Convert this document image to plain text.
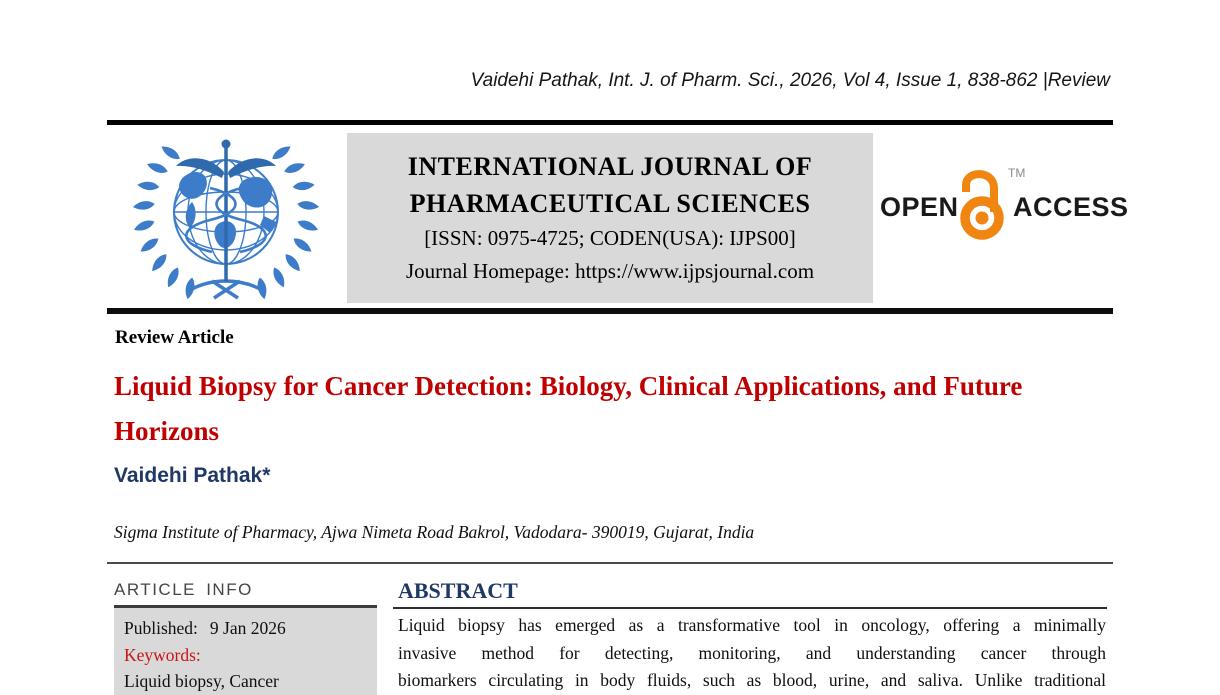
Vaidehi Pathak, Int. J. of Pharm. Sci., 2026, Vol 4, Issue 1, 838-862 |Review
INTERNATIONAL JOURNAL OF
PHARMACEUTICAL SCIENCES
[ISSN: 0975-4725; CODEN(USA): IJPS00]
Journal Homepage: https://www.ijpsjournal.com
OPEN
TM
ACCESS
Review Article
Liquid Biopsy for Cancer Detection: Biology, Clinical Applications, and Future Horizons
Vaidehi Pathak*
Sigma Institute of Pharmacy, Ajwa Nimeta Road Bakrol, Vadodara- 390019, Gujarat, India
ARTICLE INFO
Published: 9 Jan 2026
Keywords:
Liquid biopsy, Cancer
ABSTRACT
Liquid biopsy has emerged as a transformative tool in oncology, offering a minimally
invasive method for detecting, monitoring, and understanding cancer through
biomarkers circulating in body fluids, such as blood, urine, and saliva. Unlike traditional
